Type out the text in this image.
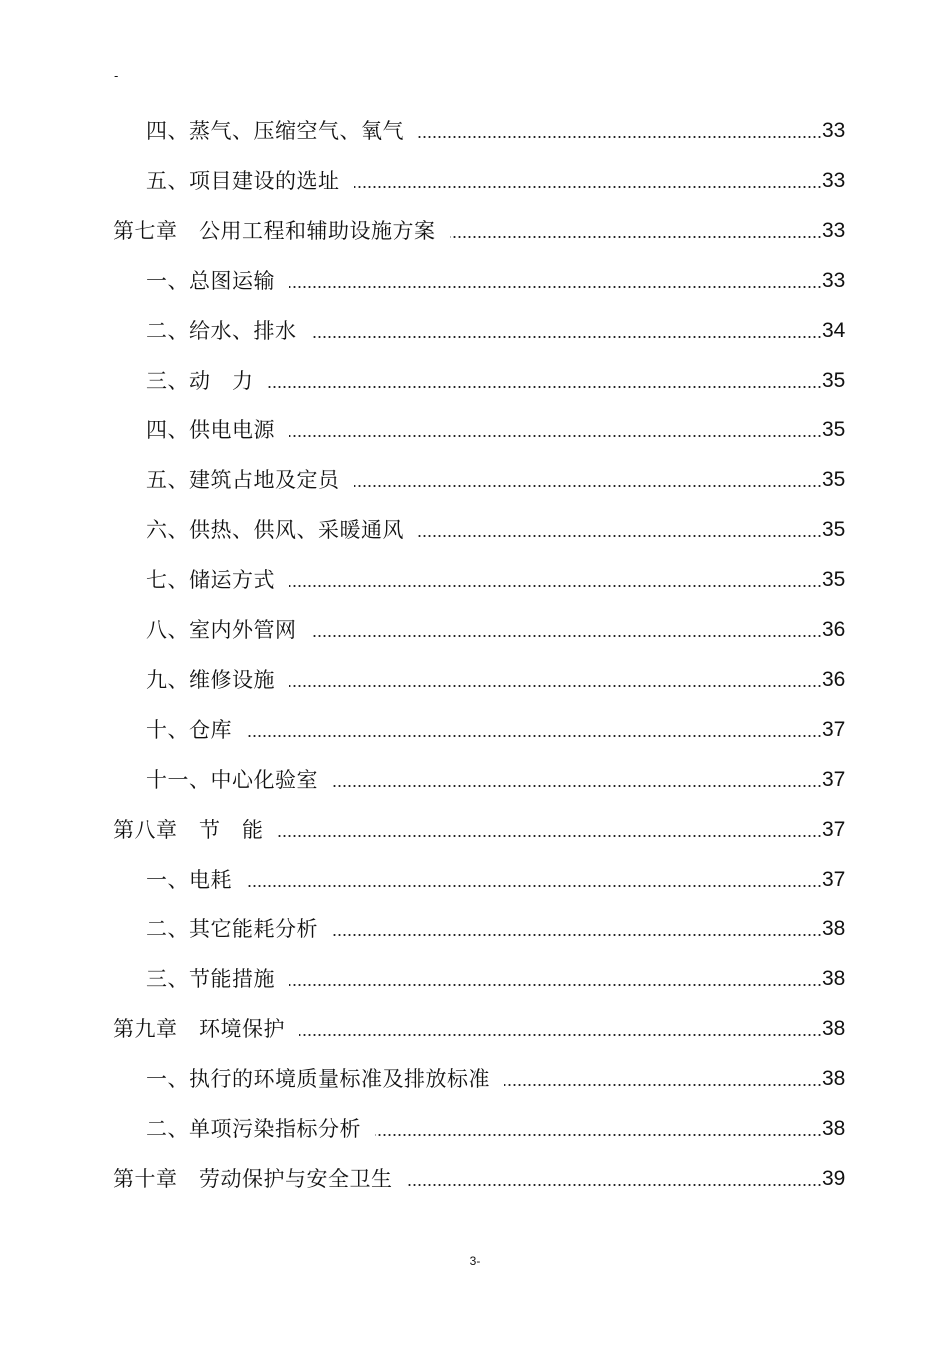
-
四、蒸气、压缩空气、氧气	33
五、项目建设的选址	33
第七章　公用工程和辅助设施方案	33
一、总图运输	33
二、给水、排水	34
三、动　力	35
四、供电电源	35
五、建筑占地及定员	35
六、供热、供风、采暖通风	35
七、储运方式	35
八、室内外管网	36
九、维修设施	36
十、仓库	37
十一、中心化验室	37
第八章　节　能	37
一、电耗	37
二、其它能耗分析	38
三、节能措施	38
第九章　环境保护	38
一、执行的环境质量标准及排放标准	38
二、单项污染指标分析	38
第十章　劳动保护与安全卫生	39
3-
